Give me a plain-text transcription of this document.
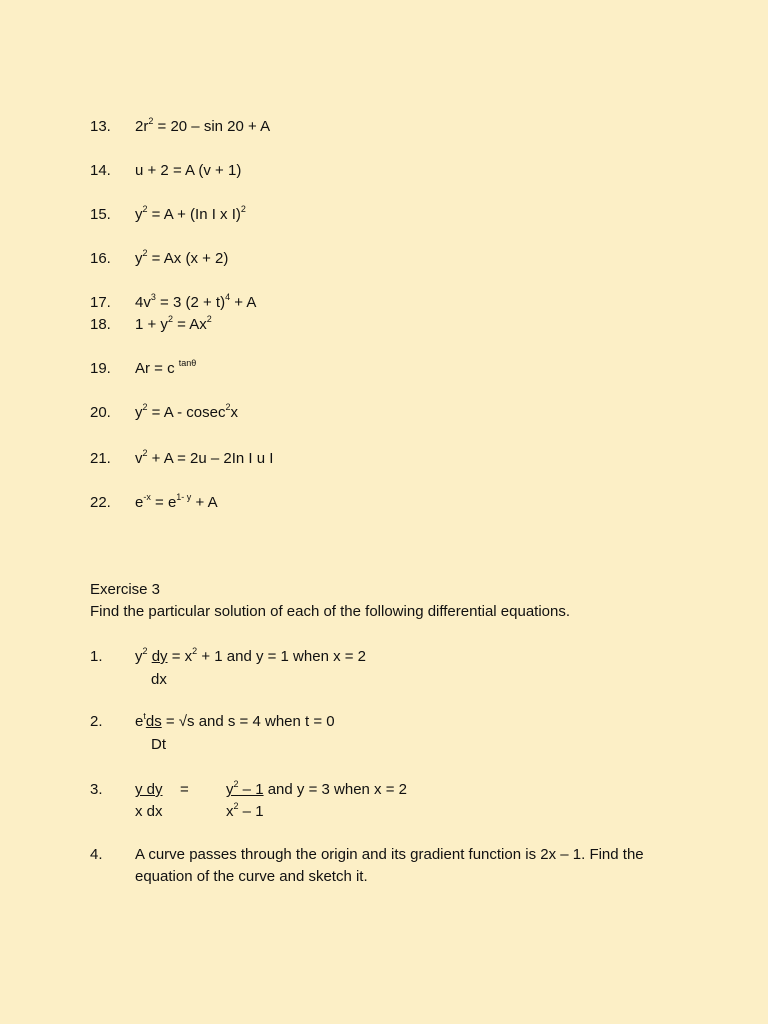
13. $2r^2 = 20 - \sin 20 + A$
14. u + 2 = A (v + 1)
15. $y^2 = A + (In$ I x I)$^2$
16. $y^2 = Ax$ (x + 2)
17. $4v^3 = 3$ $(2 + t)^4 + A$
18. $1 + y^2 = Ax^2$
19. Ar = c $^{tan\theta}$
20. $y^2 = A - cosec^2x$
21. $v^2 + A = 2u - 2In$ I u I
22. $e^{-x} = e^{1- y} + A$
Exercise 3
Find the particular solution of each of the following differential equations.
1. $y^2$ dy = $x^2 + 1$ and y = 1 when x = 2
dx
2. $e^tds = √s$ and s = 4 when t = 0
Dt
3. y dy = $y^2 - 1$ and y = 3 when x = 2
x dx	$x^2 - 1$
4. A curve passes through the origin and its gradient function is 2x – 1. Find the equation of the curve and sketch it.
